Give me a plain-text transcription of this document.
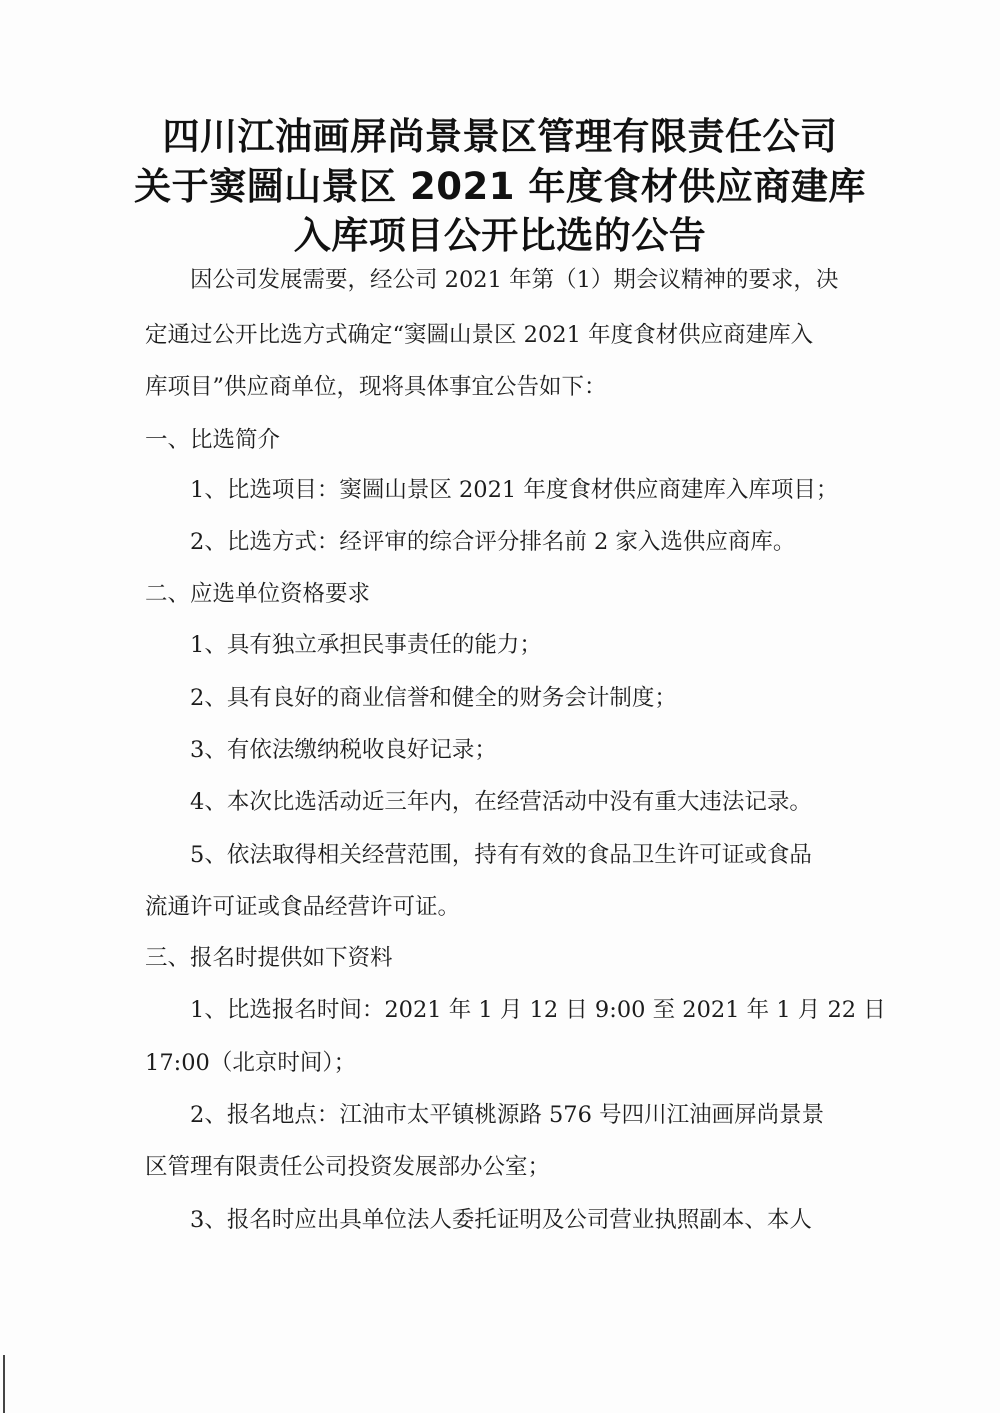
四川江油画屏尚景景区管理有限责任公司
关于窦圌山景区 2021 年度食材供应商建库
入库项目公开比选的公告
因公司发展需要，经公司 2021 年第（1）期会议精神的要求，决
定通过公开比选方式确定“窦圌山景区 2021 年度食材供应商建库入
库项目”供应商单位，现将具体事宜公告如下：
一、比选简介
1、比选项目：窦圌山景区 2021 年度食材供应商建库入库项目；
2、比选方式：经评审的综合评分排名前 2 家入选供应商库。
二、应选单位资格要求
1、具有独立承担民事责任的能力；
2、具有良好的商业信誉和健全的财务会计制度；
3、有依法缴纳税收良好记录；
4、本次比选活动近三年内，在经营活动中没有重大违法记录。
5、依法取得相关经营范围，持有有效的食品卫生许可证或食品
流通许可证或食品经营许可证。
三、报名时提供如下资料
1、比选报名时间：2021 年 1 月 12 日 9:00 至 2021 年 1 月 22 日
17:00（北京时间）；
2、报名地点：江油市太平镇桃源路 576 号四川江油画屏尚景景
区管理有限责任公司投资发展部办公室；
3、报名时应出具单位法人委托证明及公司营业执照副本、本人
